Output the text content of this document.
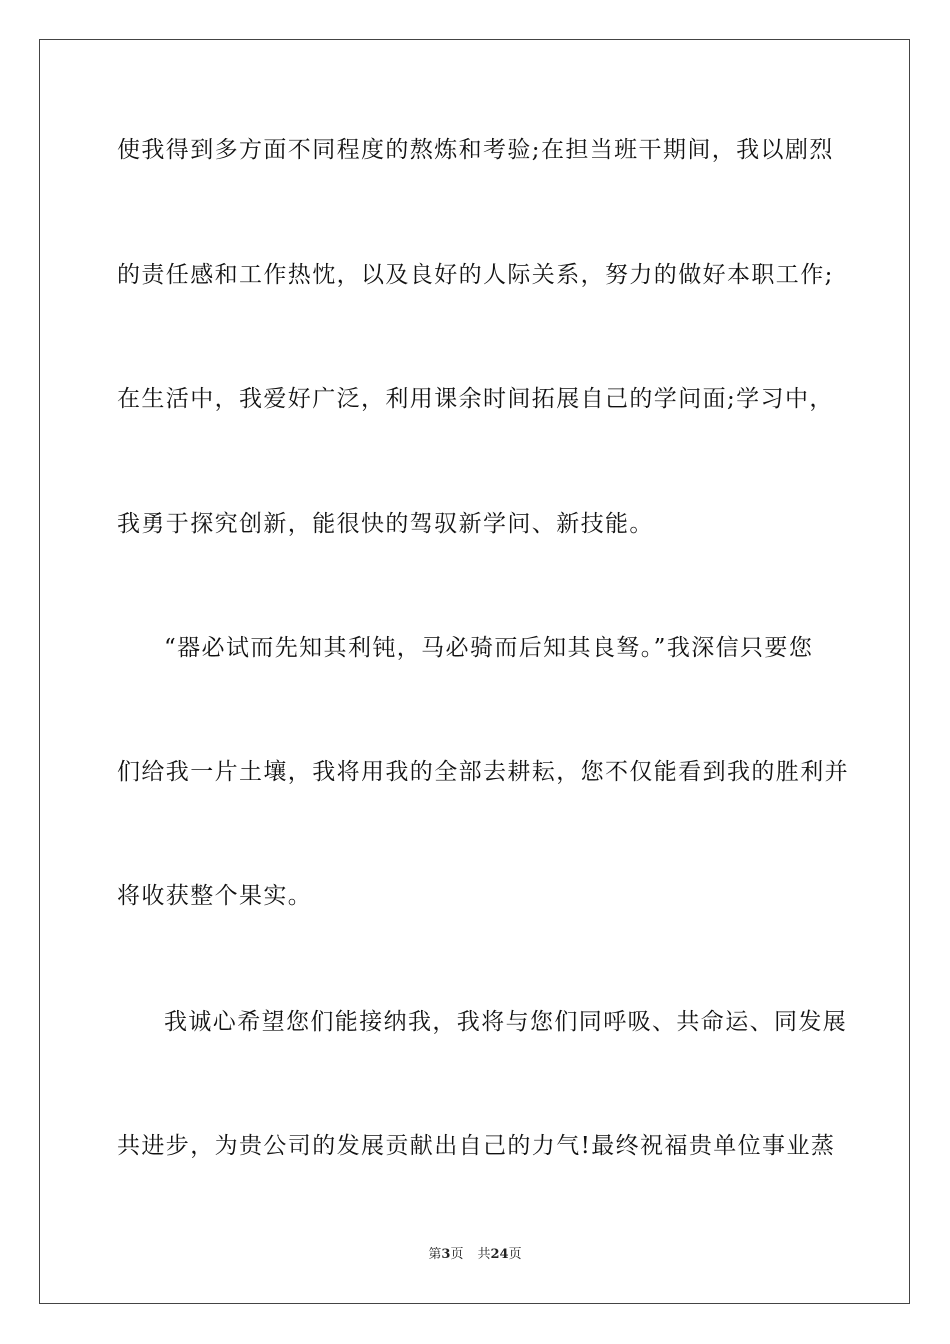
使我得到多方面不同程度的熬炼和考验;在担当班干期间，我以剧烈
的责任感和工作热忱，以及良好的人际关系，努力的做好本职工作;
在生活中，我爱好广泛，利用课余时间拓展自己的学问面;学习中，
我勇于探究创新，能很快的驾驭新学问、新技能。
“器必试而先知其利钝，马必骑而后知其良驽。”我深信只要您
们给我一片土壤，我将用我的全部去耕耘，您不仅能看到我的胜利并
将收获整个果实。
我诚心希望您们能接纳我，我将与您们同呼吸、共命运、同发展
共进步，为贵公司的发展贡献出自己的力气!最终祝福贵单位事业蒸
第3页 共24页
